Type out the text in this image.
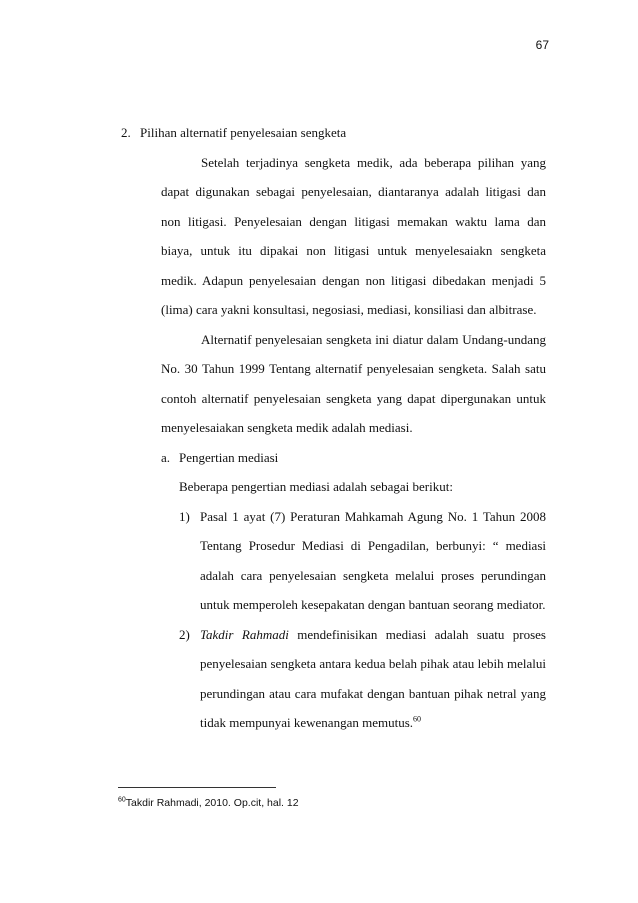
67
2. Pilihan alternatif penyelesaian sengketa
Setelah terjadinya sengketa medik, ada beberapa pilihan yang dapat digunakan sebagai penyelesaian, diantaranya adalah litigasi dan non litigasi. Penyelesaian dengan litigasi memakan waktu lama dan biaya, untuk itu dipakai non litigasi untuk menyelesaiakn sengketa medik. Adapun penyelesaian dengan non litigasi dibedakan menjadi 5 (lima) cara yakni konsultasi, negosiasi, mediasi, konsiliasi dan albitrase.
Alternatif penyelesaian sengketa ini diatur dalam Undang-undang No. 30 Tahun 1999 Tentang alternatif penyelesaian sengketa. Salah satu contoh alternatif penyelesaian sengketa yang dapat dipergunakan untuk menyelesaiakan sengketa medik adalah mediasi.
a. Pengertian mediasi
Beberapa pengertian mediasi adalah sebagai berikut:
1) Pasal 1 ayat (7) Peraturan Mahkamah Agung No. 1 Tahun 2008 Tentang Prosedur Mediasi di Pengadilan, berbunyi: “ mediasi adalah cara penyelesaian sengketa melalui proses perundingan untuk memperoleh kesepakatan dengan bantuan seorang mediator.
2) Takdir Rahmadi mendefinisikan mediasi adalah suatu proses penyelesaian sengketa antara kedua belah pihak atau lebih melalui perundingan atau cara mufakat dengan bantuan pihak netral yang tidak mempunyai kewenangan memutus.$^{60}$
$^{60}$Takdir Rahmadi, 2010. Op.cit, hal. 12
